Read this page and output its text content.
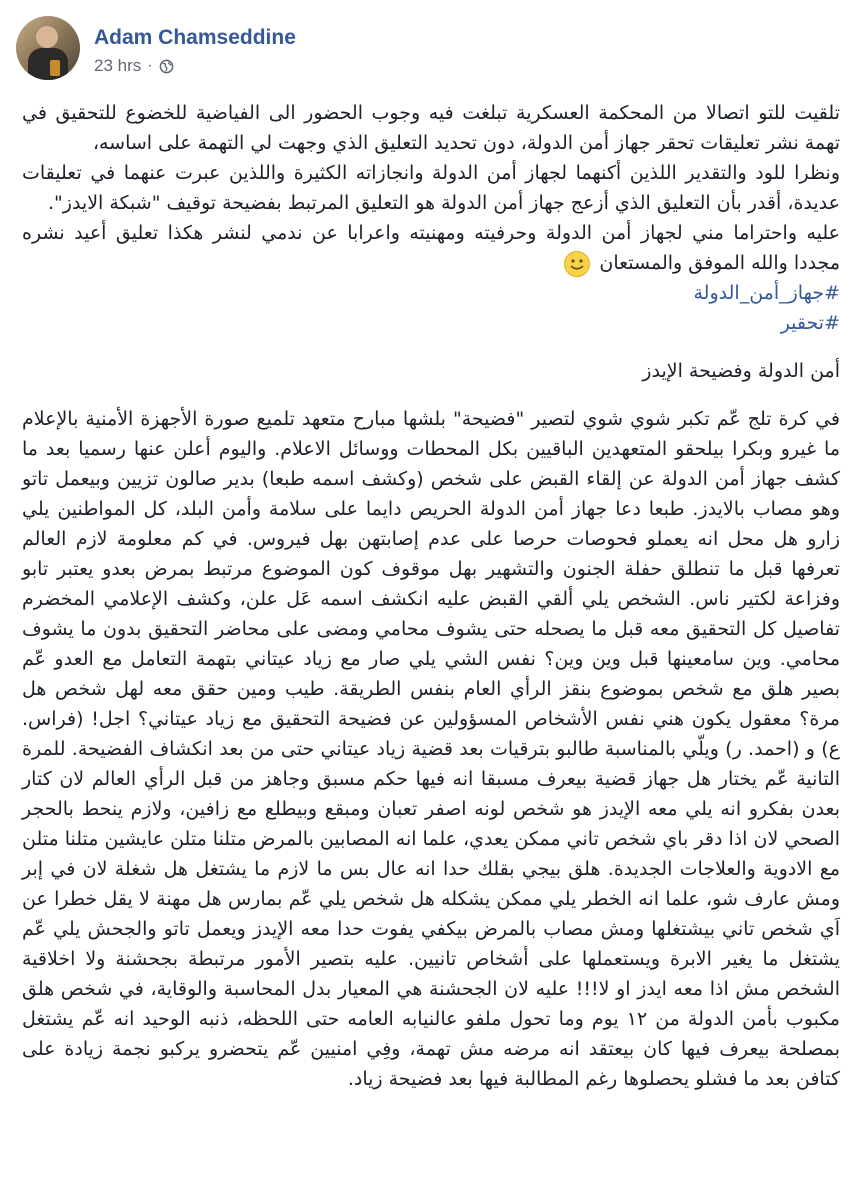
Adam Chamseddine
23 hrs ·

تلقيت للتو اتصالا من المحكمة العسكرية تبلغت فيه وجوب الحضور الى الفياضية للخضوع للتحقيق في تهمة نشر تعليقات تحقر جهاز أمن الدولة، دون تحديد التعليق الذي وجهت لي التهمة على اساسه،

ونظرا للود والتقدير اللذين أكنهما لجهاز أمن الدولة وانجازاته الكثيرة واللذين عبرت عنهما في تعليقات عديدة، أقدر بأن التعليق الذي أزعج جهاز أمن الدولة هو التعليق المرتبط بفضيحة توقيف "شبكة الايدز".

عليه واحتراما مني لجهاز أمن الدولة وحرفيته ومهنيته واعرابا عن ندمي لنشر هكذا تعليق أعيد نشره مجددا والله الموفق والمستعان

#جهاز_أمن_الدولة

#تحقير

أمن الدولة وفضيحة الإيدز

في كرة تلج عّم تكبر شوي شوي لتصير "فضيحة" بلشها مبارح متعهد تلميع صورة الأجهزة الأمنية بالإعلام ما غيرو وبكرا بيلحقو المتعهدين الباقيين بكل المحطات ووسائل الاعلام. واليوم أعلن عنها رسميا بعد ما كشف جهاز أمن الدولة عن إلقاء القبض على شخص (وكشف اسمه طبعا) بدير صالون تزيين وبيعمل تاتو وهو مصاب بالايدز. طبعا دعا جهاز أمن الدولة الحريص دايما على سلامة وأمن البلد، كل المواطنين يلي زارو هل محل انه يعملو فحوصات حرصا على عدم إصابتهن بهل فيروس. في كم معلومة لازم العالم تعرفها قبل ما تنطلق حفلة الجنون والتشهير بهل موقوف كون الموضوع مرتبط بمرض بعدو يعتبر تابو وفزاعة لكتير ناس. الشخص يلي ألقي القبض عليه انكشف اسمه عَل علن، وكشف الإعلامي المخضرم تفاصيل كل التحقيق معه قبل ما يصحله حتى يشوف محامي ومضى على محاضر التحقيق بدون ما يشوف محامي. وين سامعينها قبل وين وين؟ نفس الشي يلي صار مع زياد عيتاني بتهمة التعامل مع العدو عّم بصير هلق مع شخص بموضوع بنقز الرأي العام بنفس الطريقة. طيب ومين حقق معه لهل شخص هل مرة؟ معقول يكون هني نفس الأشخاص المسؤولين عن فضيحة التحقيق مع زياد عيتاني؟ اجل! (فراس. ع) و (احمد. ر) ويلّي بالمناسبة طالبو بترقيات بعد قضية زياد عيتاني حتى من بعد انكشاف الفضيحة. للمرة التانية عّم يختار هل جهاز قضية بيعرف مسبقا انه فيها حكم مسبق وجاهز من قبل الرأي العالم لان كتار بعدن بفكرو انه يلي معه الإيدز هو شخص لونه اصفر تعبان ومبقع وبيطلع مع زافين، ولازم ينحط بالحجر الصحي لان اذا دقر باي شخص تاني ممكن يعدي، علما انه المصابين بالمرض متلنا متلن عايشين متلنا متلن مع الادوية والعلاجات الجديدة. هلق بيجي بقلك حدا انه عال بس ما لازم ما يشتغل هل شغلة لان في إبر ومش عارف شو، علما انه الخطر يلي ممكن يشكله هل شخص يلي عّم بمارس هل مهنة لا يقل خطرا عن اَي شخص تاني بيشتغلها ومش مصاب بالمرض بيكفي يفوت حدا معه الإيدز ويعمل تاتو والجحش يلي عّم يشتغل ما يغير الابرة ويستعملها على أشخاص تانيين. عليه بتصير الأمور مرتبطة بجحشنة ولا اخلاقية الشخص مش اذا معه ايدز او لا!!! عليه لان الجحشنة هي المعيار بدل المحاسبة والوقاية، في شخص هلق مكبوب بأمن الدولة من ١٢ يوم وما تحول ملفو عالنيابه العامه حتى اللحظه، ذنبه الوحيد انه عّم يشتغل بمصلحة بيعرف فيها كان بيعتقد انه مرضه مش تهمة، وفِي امنيين عّم يتحضرو يركبو نجمة زيادة على كتافن بعد ما فشلو يحصلوها رغم المطالبة فيها بعد فضيحة زياد.
